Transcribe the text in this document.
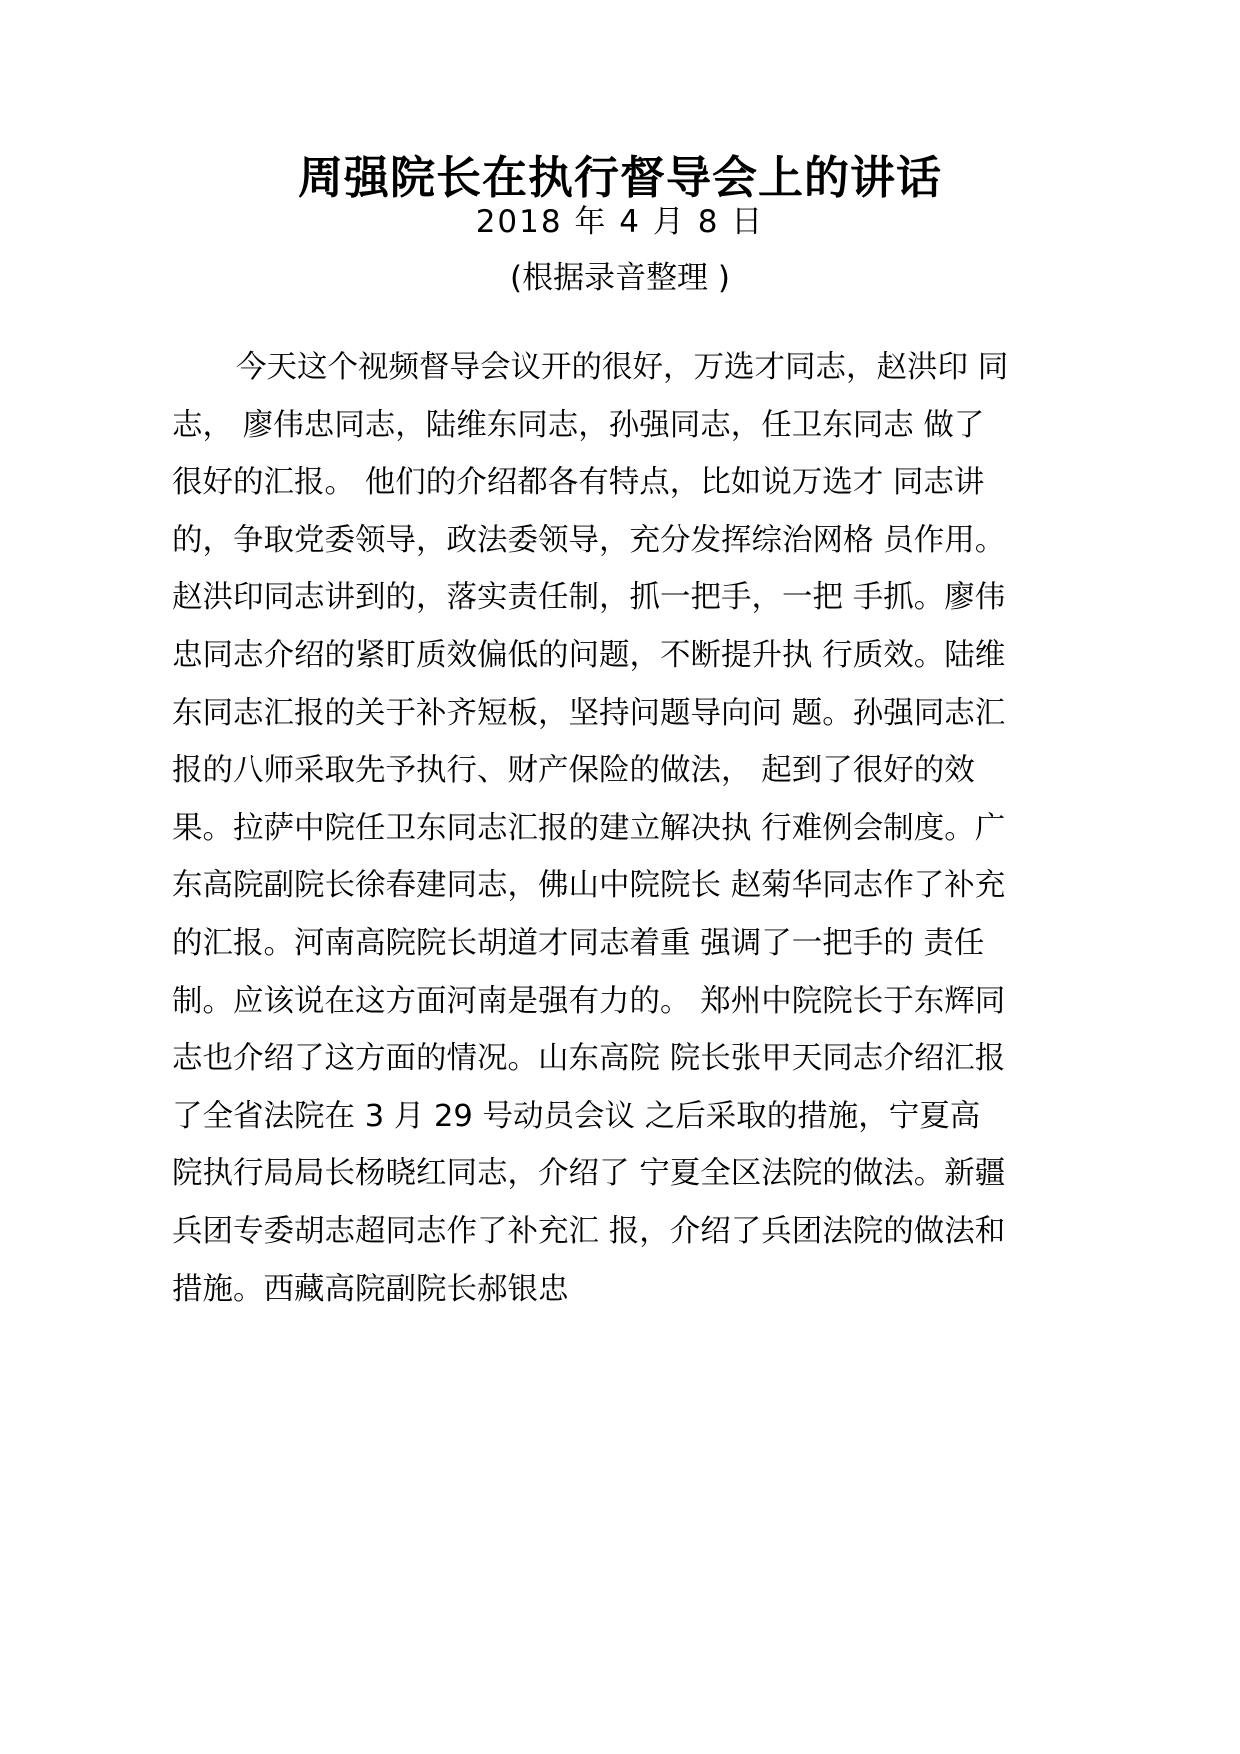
周强院长在执行督导会上的讲话
2018 年 4 月 8 日
(根据录音整理 )
今天这个视频督导会议开的很好，万选才同志，赵洪印 同
志， 廖伟忠同志，陆维东同志，孙强同志，任卫东同志 做了
很好的汇报。 他们的介绍都各有特点，比如说万选才 同志讲
的，争取党委领导，政法委领导，充分发挥综治网格 员作用。
赵洪印同志讲到的，落实责任制，抓一把手，一把 手抓。廖伟
忠同志介绍的紧盯质效偏低的问题，不断提升执 行质效。陆维
东同志汇报的关于补齐短板，坚持问题导向问 题。孙强同志汇
报的八师采取先予执行、财产保险的做法， 起到了很好的效
果。拉萨中院任卫东同志汇报的建立解决执 行难例会制度。广
东高院副院长徐春建同志，佛山中院院长 赵菊华同志作了补充
的汇报。河南高院院长胡道才同志着重 强调了一把手的 责任
制。应该说在这方面河南是强有力的。 郑州中院院长于东辉同
志也介绍了这方面的情况。山东高院 院长张甲天同志介绍汇报
了全省法院在 3 月 29 号动员会议 之后采取的措施，宁夏高
院执行局局长杨晓红同志，介绍了 宁夏全区法院的做法。新疆
兵团专委胡志超同志作了补充汇 报，介绍了兵团法院的做法和
措施。西藏高院副院长郝银忠
